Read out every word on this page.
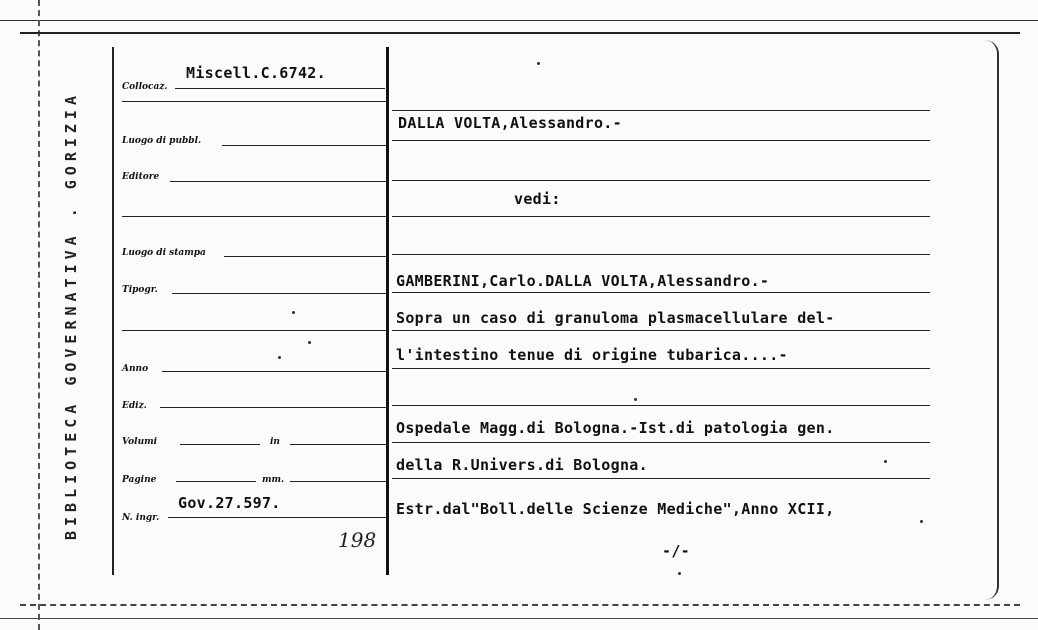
BIBLIOTECA GOVERNATIVA . GORIZIA
Collocaz.
Miscell.C.6742.
Luogo di pubbl.
Editore
Luogo di stampa
Tipogr.
Anno
Ediz.
Volumi	in
Pagine	mm.
N. ingr.
Gov.27.597.
198
DALLA VOLTA,Alessandro.-
vedi:
GAMBERINI,Carlo.DALLA VOLTA,Alessandro.-
Sopra un caso di granuloma plasmacellulare del-
l'intestino tenue di origine tubarica....-
Ospedale Magg.di Bologna.-Ist.di patologia gen.
della R.Univers.di Bologna.
Estr.dal"Boll.delle Scienze Mediche",Anno XCII,
-/-
